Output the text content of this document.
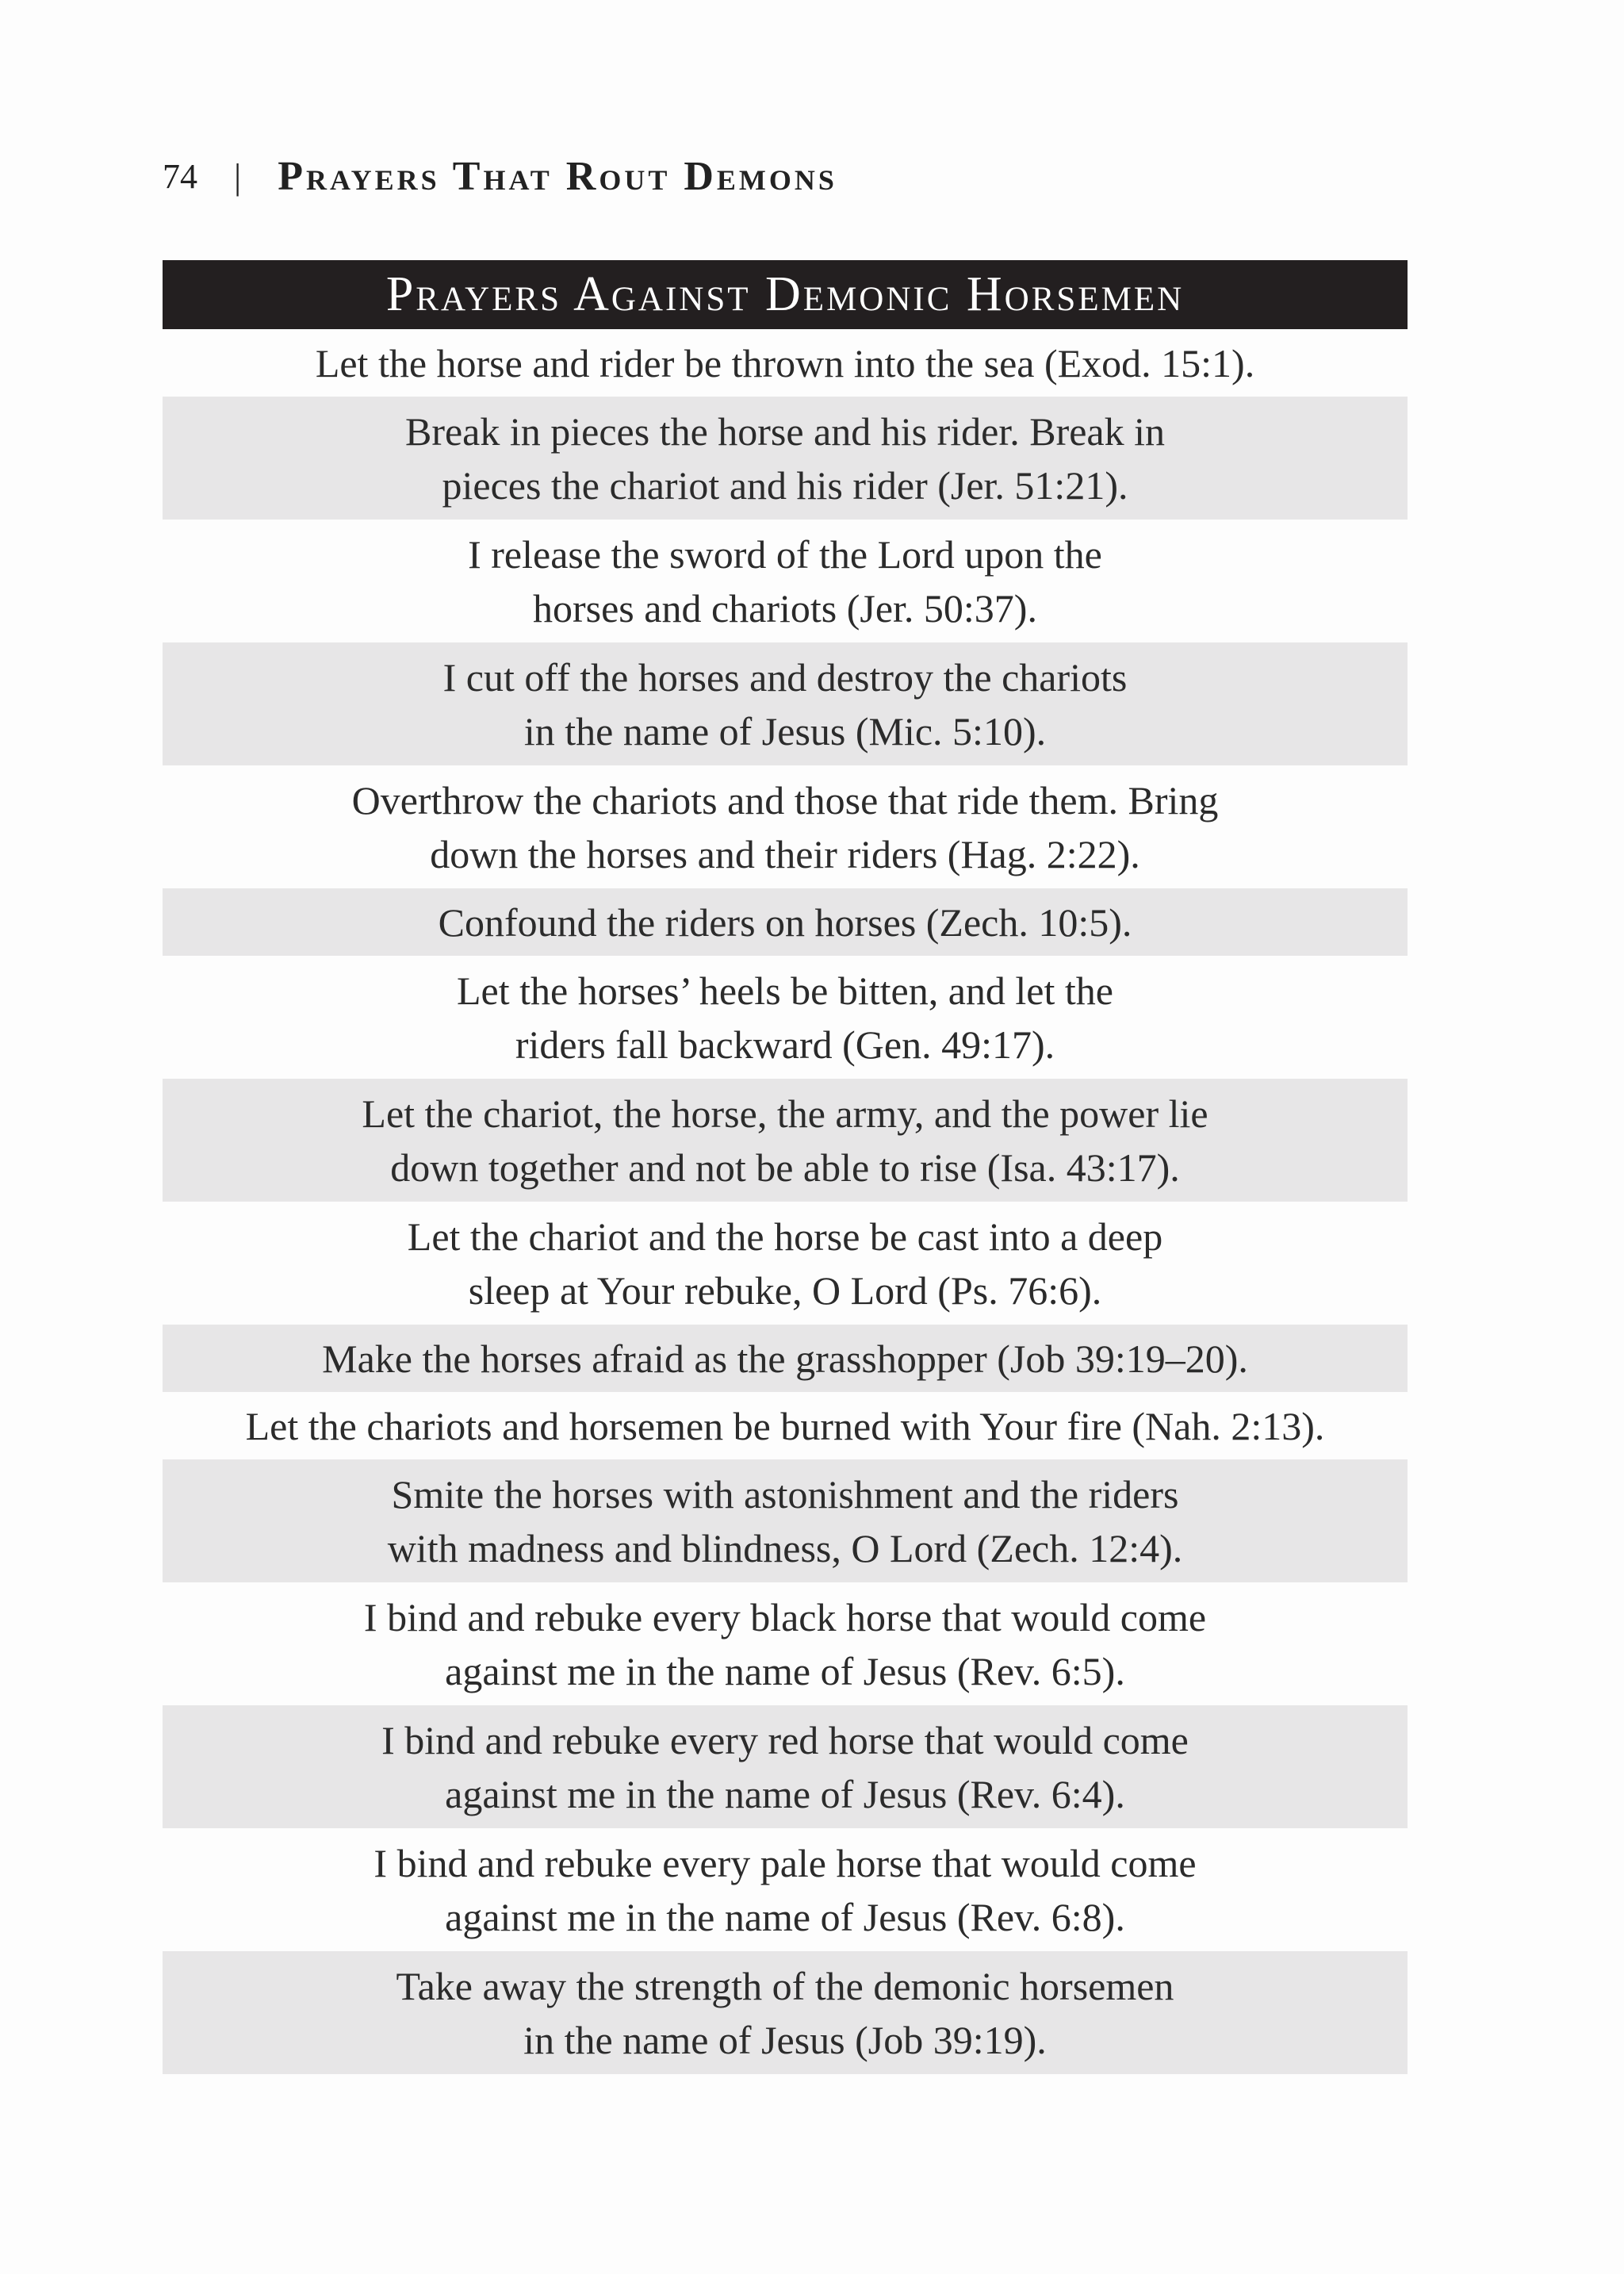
74 | Prayers That Rout Demons
Prayers Against Demonic Horsemen
Let the horse and rider be thrown into the sea (Exod. 15:1).
Break in pieces the horse and his rider. Break in
pieces the chariot and his rider (Jer. 51:21).
I release the sword of the Lord upon the
horses and chariots (Jer. 50:37).
I cut off the horses and destroy the chariots
in the name of Jesus (Mic. 5:10).
Overthrow the chariots and those that ride them. Bring
down the horses and their riders (Hag. 2:22).
Confound the riders on horses (Zech. 10:5).
Let the horses’ heels be bitten, and let the
riders fall backward (Gen. 49:17).
Let the chariot, the horse, the army, and the power lie
down together and not be able to rise (Isa. 43:17).
Let the chariot and the horse be cast into a deep
sleep at Your rebuke, O Lord (Ps. 76:6).
Make the horses afraid as the grasshopper (Job 39:19–20).
Let the chariots and horsemen be burned with Your fire (Nah. 2:13).
Smite the horses with astonishment and the riders
with madness and blindness, O Lord (Zech. 12:4).
I bind and rebuke every black horse that would come
against me in the name of Jesus (Rev. 6:5).
I bind and rebuke every red horse that would come
against me in the name of Jesus (Rev. 6:4).
I bind and rebuke every pale horse that would come
against me in the name of Jesus (Rev. 6:8).
Take away the strength of the demonic horsemen
in the name of Jesus (Job 39:19).
